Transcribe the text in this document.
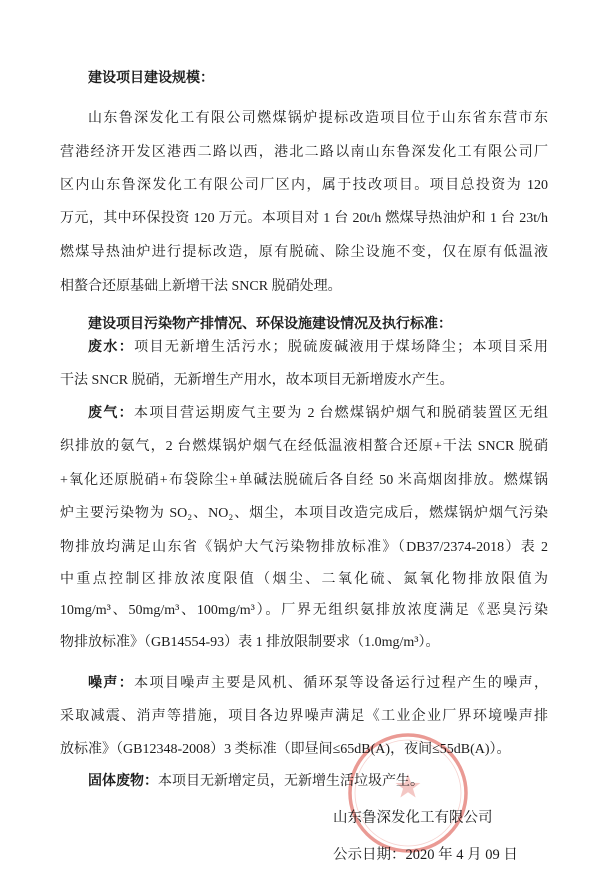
建设项目建设规模：
山东鲁深发化工有限公司燃煤锅炉提标改造项目位于山东省东营市东
营港经济开发区港西二路以西，港北二路以南山东鲁深发化工有限公司厂
区内山东鲁深发化工有限公司厂区内，属于技改项目。项目总投资为 120
万元，其中环保投资 120 万元。本项目对 1 台 20t/h 燃煤导热油炉和 1 台 23t/h
燃煤导热油炉进行提标改造，原有脱硫、除尘设施不变，仅在原有低温液
相螯合还原基础上新增干法 SNCR 脱硝处理。
建设项目污染物产排情况、环保设施建设情况及执行标准：
废水：项目无新增生活污水；脱硫废碱液用于煤场降尘；本项目采用
干法 SNCR 脱硝，无新增生产用水，故本项目无新增废水产生。
废气：本项目营运期废气主要为 2 台燃煤锅炉烟气和脱硝装置区无组
织排放的氨气，2 台燃煤锅炉烟气在经低温液相螯合还原+干法 SNCR 脱硝
+氧化还原脱硝+布袋除尘+单碱法脱硫后各自经 50 米高烟囱排放。燃煤锅
炉主要污染物为 SO₂、NO₂、烟尘，本项目改造完成后，燃煤锅炉烟气污染
物排放均满足山东省《锅炉大气污染物排放标准》（DB37/2374-2018）表 2
中重点控制区排放浓度限值（烟尘、二氧化硫、氮氧化物排放限值为
10mg/m³、50mg/m³、100mg/m³）。厂界无组织氨排放浓度满足《恶臭污染
物排放标准》（GB14554-93）表 1 排放限制要求（1.0mg/m³）。
噪声：本项目噪声主要是风机、循环泵等设备运行过程产生的噪声，
采取减震、消声等措施，项目各边界噪声满足《工业企业厂界环境噪声排
放标准》（GB12348-2008）3 类标准（即昼间≤65dB(A)，夜间≤55dB(A)）。
固体废物：本项目无新增定员，无新增生活垃圾产生。
山东鲁深发化工有限公司
公示日期：2020 年 4 月 09 日
